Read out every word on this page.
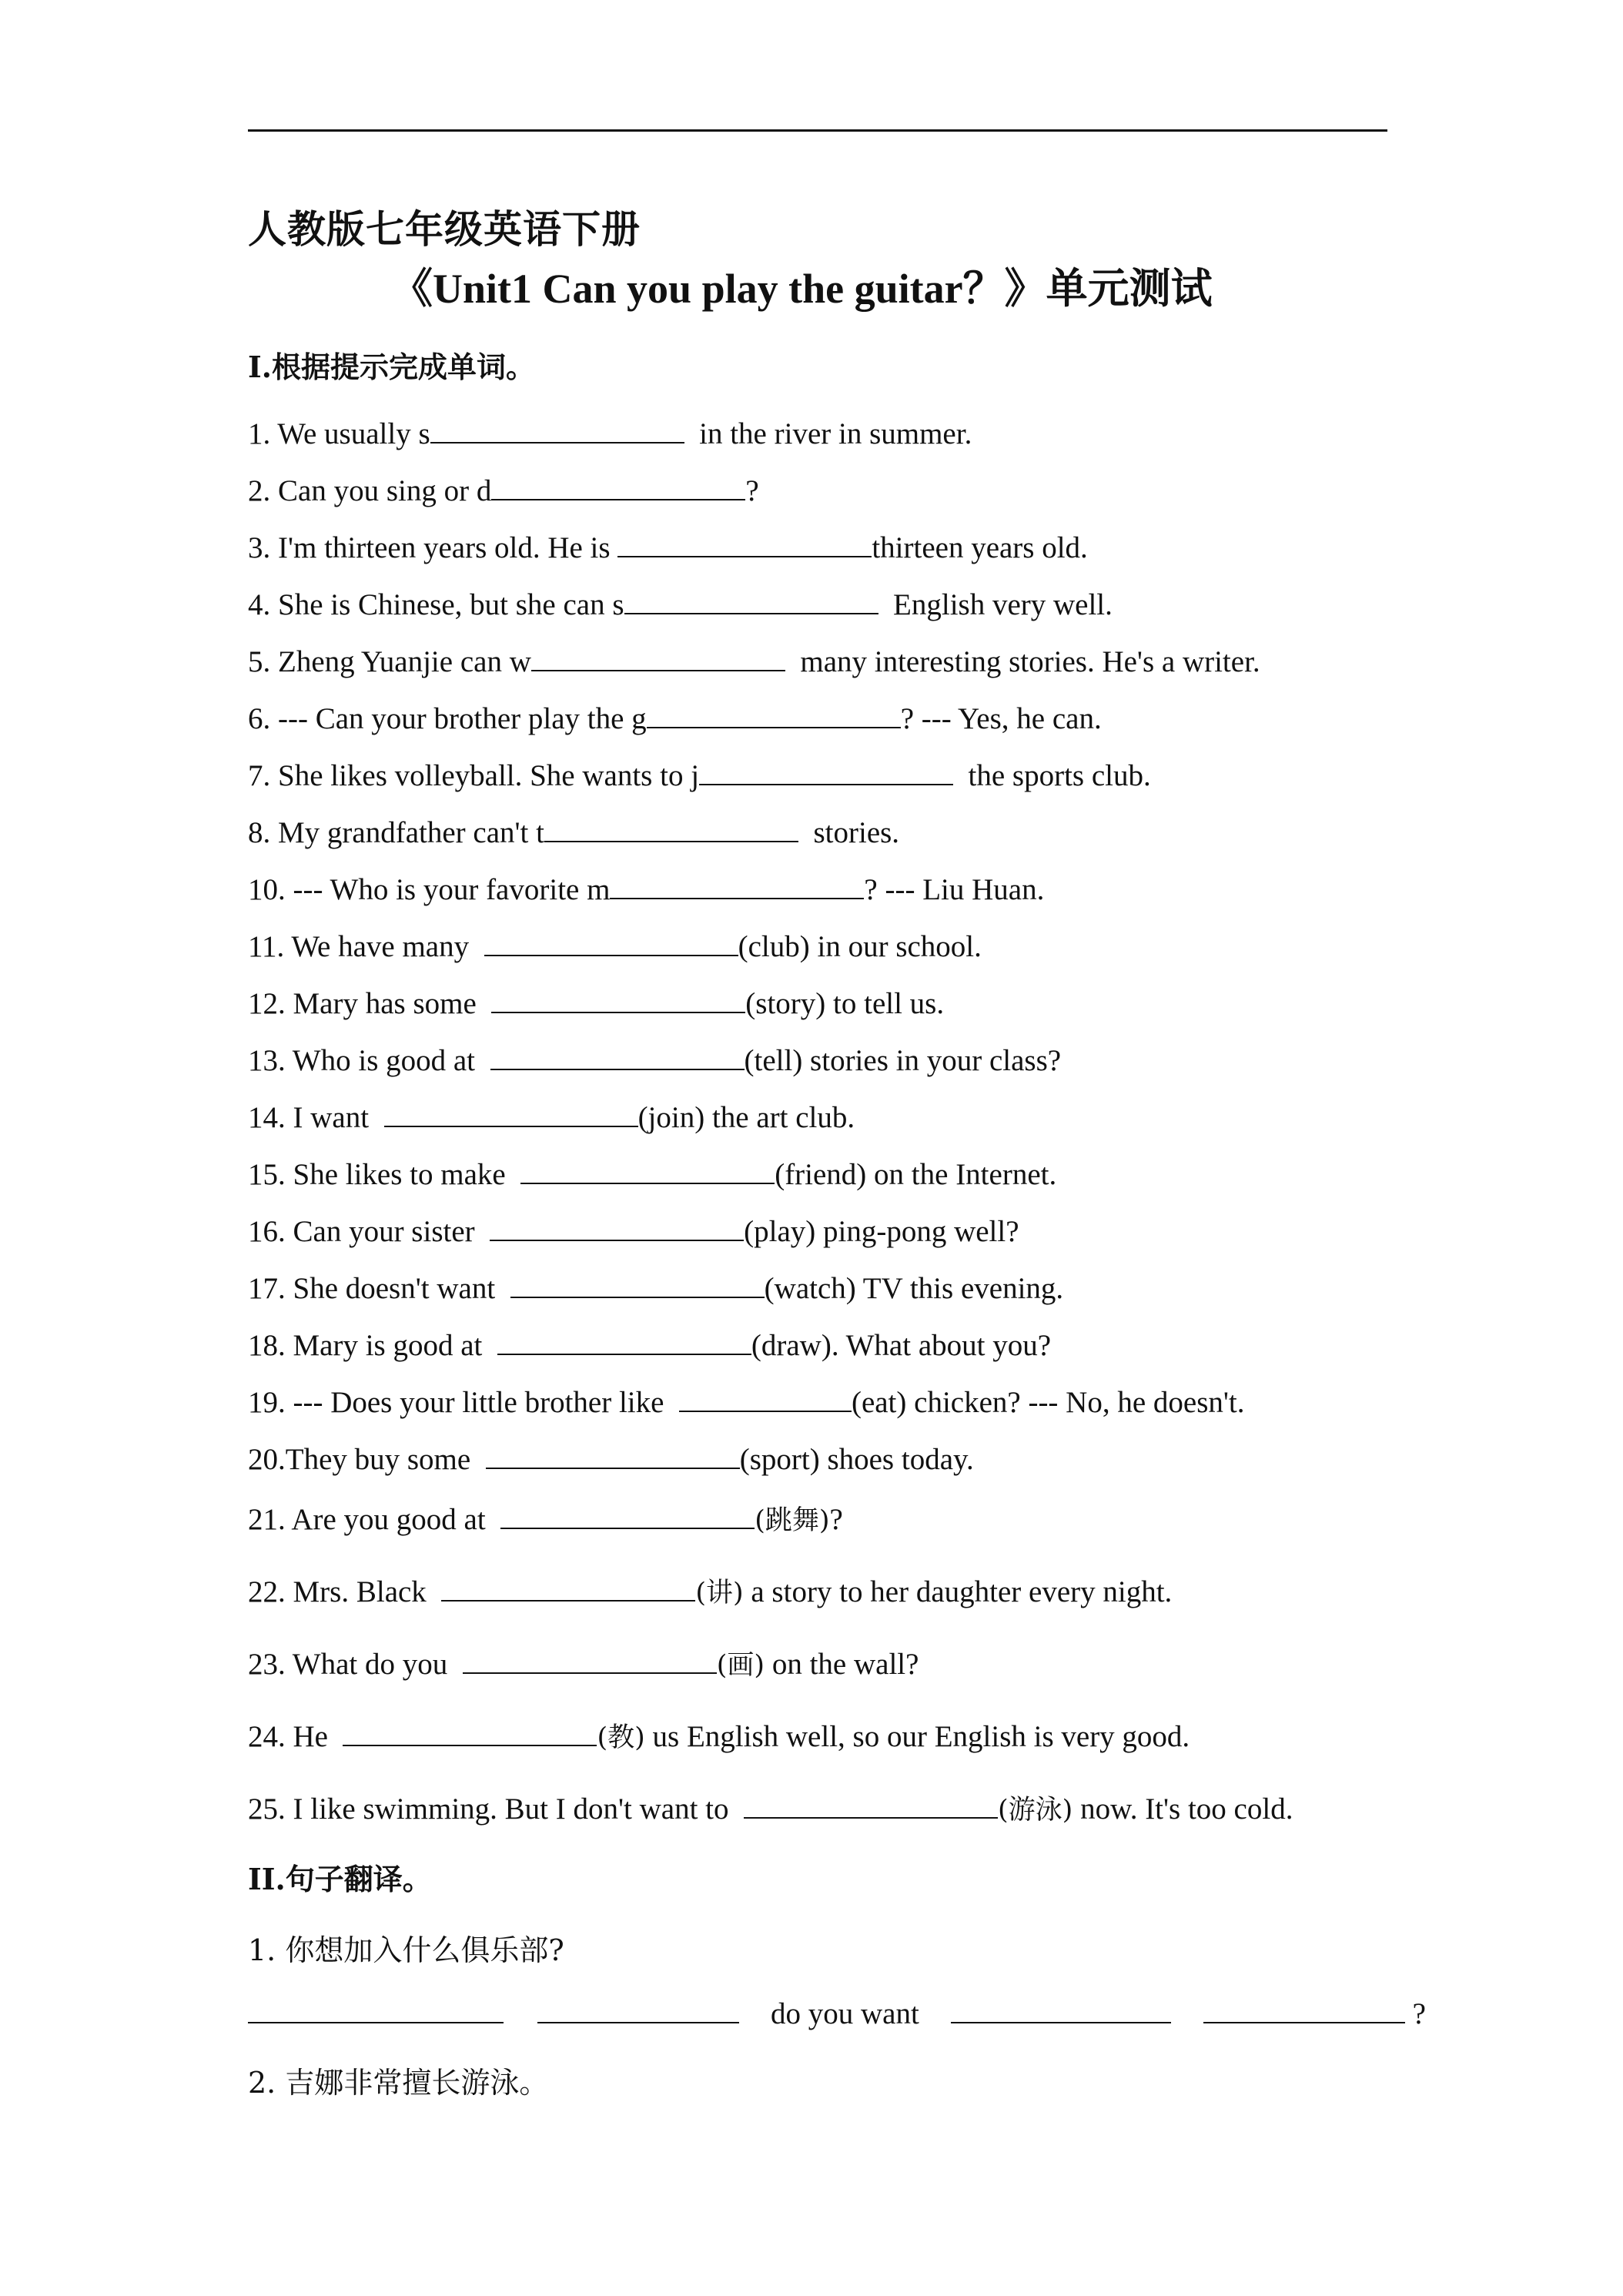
人教版七年级英语下册
《Unit1 Can you play the guitar？》单元测试
I.根据提示完成单词。
1. We usually s	in the river in summer.
2. Can you sing or d	?
3. I'm thirteen years old. He is	thirteen years old.
4. She is Chinese, but she can s	English very well.
5. Zheng Yuanjie can w	many interesting stories. He's a writer.
6. --- Can your brother play the g	? --- Yes, he can.
7. She likes volleyball. She wants to j	the sports club.
8. My grandfather can't t	stories.
10. --- Who is your favorite m	? --- Liu Huan.
11. We have many	(club) in our school.
12. Mary has some	(story) to tell us.
13. Who is good at	(tell) stories in your class?
14. I want	(join) the art club.
15. She likes to make	(friend) on the Internet.
16. Can your sister	(play) ping-pong well?
17. She doesn't want	(watch) TV this evening.
18. Mary is good at	(draw). What about you?
19. --- Does your little brother like	(eat) chicken? --- No, he doesn't.
20.They buy some	(sport) shoes today.
21. Are you good at	(跳舞)?
22. Mrs. Black	(讲) a story to her daughter every night.
23. What do you	(画) on the wall?
24. He	(教) us English well, so our English is very good.
25. I like swimming. But I don't want to	(游泳) now. It's too cold.
II.句子翻译。
1. 你想加入什么俱乐部?
do you want	?
2. 吉娜非常擅长游泳。
